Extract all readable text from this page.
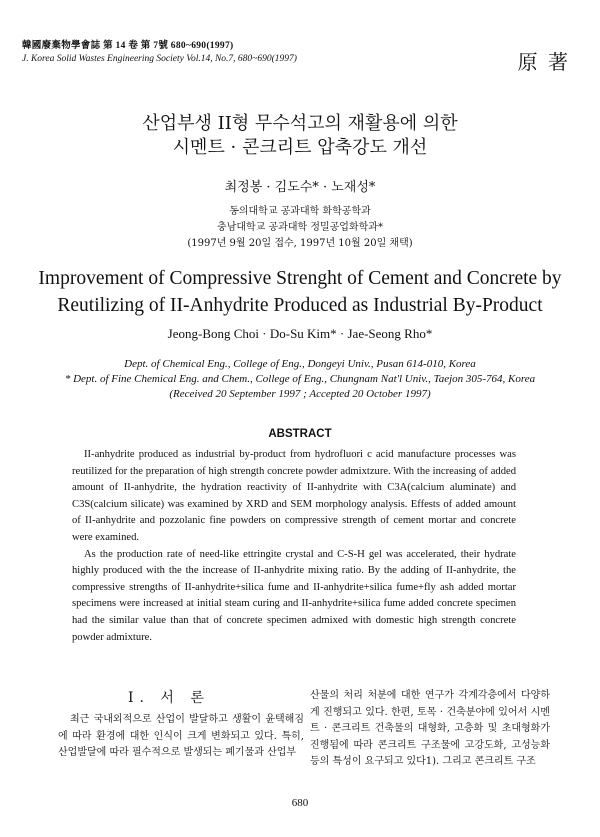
韓國廢棄物學會誌 第 14 卷 第 7號 680~690(1997)
J. Korea Solid Wastes Engineering Society Vol.14, No.7, 680~690(1997)	原 著
산업부생 II형 무수석고의 재활용에 의한
시멘트 · 콘크리트 압축강도 개선
최정봉 · 김도수* · 노재성*
동의대학교 공과대학 화학공학과
충남대학교 공과대학 정밀공업화학과*
(1997년 9월 20일 접수, 1997년 10월 20일 채택)
Improvement of Compressive Strenght of Cement and Concrete by
Reutilizing of II-Anhydrite Produced as Industrial By-Product
Jeong-Bong Choi · Do-Su Kim* · Jae-Seong Rho*
Dept. of Chemical Eng., College of Eng., Dongeyi Univ., Pusan 614-010, Korea
* Dept. of Fine Chemical Eng. and Chem., College of Eng., Chungnam Nat'l Univ., Taejon 305-764, Korea
(Received 20 September 1997 ; Accepted 20 October 1997)
ABSTRACT

II-anhydrite produced as industrial by-product from hydrofluori c acid manufacture processes was reutilized for the preparation of high strength concrete powder admixtzure. With the increasing of added amount of II-anhydrite, the hydration reactivity of II-anhydrite with C3A(calcium aluminate) and C3S(calcium silicate) was examined by XRD and SEM morphology analysis. Effests of added amount of II-anhydrite and pozzolanic fine powders on compressive strength of cement mortar and concrete were examined.

As the production rate of need-like ettringite crystal and C-S-H gel was accelerated, their hydrate highly produced with the the increase of II-anhydrite mixing ratio. By the adding of II-anhydrite, the compressive strengths of II-anhydrite+silica fume and II-anhydrite+silica fume+fly ash added mortar specimens were increased at initial steam curing and II-anhydrite+silica fume added concrete specimen had the similar value than that of concrete specimen admixed with domestic high strength concrete powder admixture.

I. 서 론
최근 국내외적으로 산업이 발달하고 생활이 윤택해짐에 따라 환경에 대한 인식이 크게 변화되고 있다. 특히, 산업발달에 따라 필수적으로 발생되는 폐기물과 산업부
산물의 처리 처분에 대한 연구가 각계각층에서 다양하게 진행되고 있다. 한편, 토목 · 건축분야에 있어서 시멘트 · 콘크리트 건축물의 대형화, 고층화 및 초대형화가 진행됨에 따라 콘크리트 구조물에 고강도화, 고성능화 등의 특성이 요구되고 있다1). 그리고 콘크리트 구조
680
